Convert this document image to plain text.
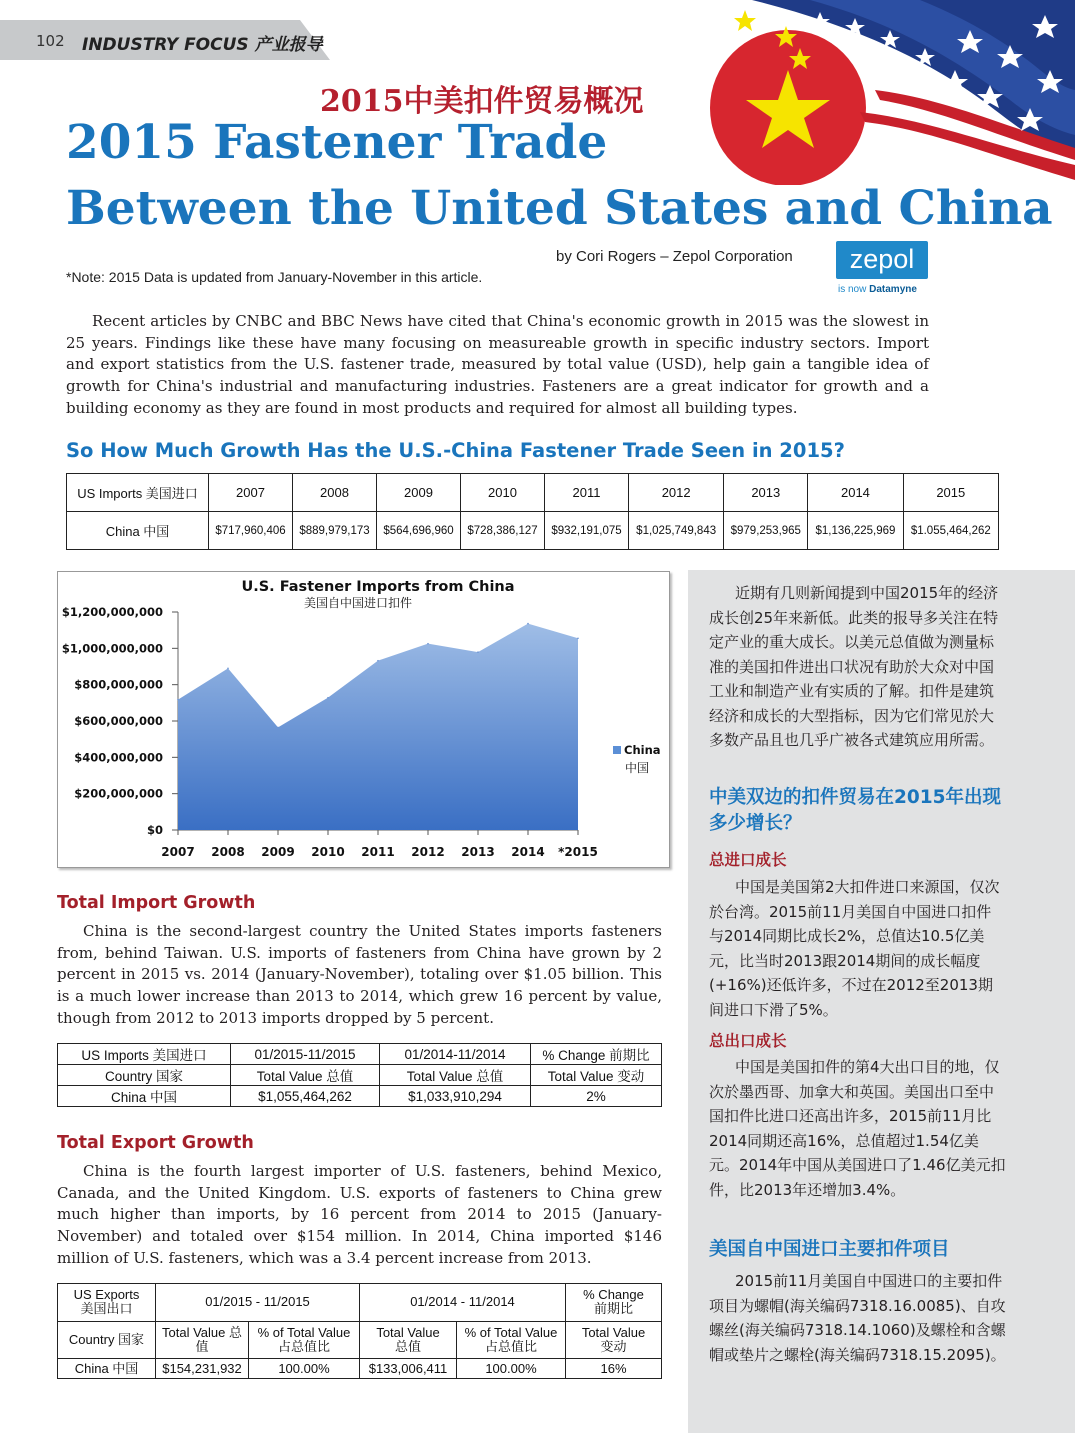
102 INDUSTRY FOCUS 产业报导
2015中美扣件贸易概况
2015 Fastener Trade
Between the United States and China
by Cori Rogers – Zepol Corporation
*Note: 2015 Data is updated from January-November in this article.
zepol
is now Datamyne

Recent articles by CNBC and BBC News have cited that China's economic growth in 2015 was the slowest in 25 years. Findings like these have many focusing on measureable growth in specific industry sectors. Import and export statistics from the U.S. fastener trade, measured by total value (USD), help gain a tangible idea of growth for China's industrial and manufacturing industries. Fasteners are a great indicator for growth and a building economy as they are found in most products and required for almost all building types.

So How Much Growth Has the U.S.-China Fastener Trade Seen in 2015?
US Imports 美国进口	2007	2008	2009	2010	2011	2012	2013	2014	2015
China 中国	$717,960,406	$889,979,173	$564,696,960	$728,386,127	$932,191,075	$1,025,749,843	$979,253,965	$1,136,225,969	$1.055,464,262
U.S. Fastener Imports from China
美国自中国进口扣件
$0
$200,000,000
$400,000,000
$600,000,000
$800,000,000
$1,000,000,000
$1,200,000,000
2007 2008 2009 2010 2011 2012 2013 2014 *2015
China
中国
Total Import Growth

China is the second-largest country the United States imports fasteners from, behind Taiwan. U.S. imports of fasteners from China have grown by 2 percent in 2015 vs. 2014 (January-November), totaling over $1.05 billion. This is a much lower increase than 2013 to 2014, which grew 16 percent by value, though from 2012 to 2013 imports dropped by 5 percent.

US Imports 美国进口	01/2015-11/2015	01/2014-11/2014	% Change 前期比
Country 国家	Total Value 总值	Total Value 总值	Total Value 变动
China 中国	$1,055,464,262	$1,033,910,294	2%
Total Export Growth

China is the fourth largest importer of U.S. fasteners, behind Mexico, Canada, and the United Kingdom. U.S. exports of fasteners to China grew much higher than imports, by 16 percent from 2014 to 2015 (January-November) and totaled over $154 million. In 2014, China imported $146 million of U.S. fasteners, which was a 3.4 percent increase from 2013.

US Exports
美国出口	01/2015 - 11/2015		01/2014 - 11/2014		% Change
前期比
Country 国家	Total Value 总
值	% of Total Value
占总值比	Total Value
总值	% of Total Value
占总值比	Total Value
变动
China 中国	$154,231,932	100.00%	$133,006,411	100.00%	16%

近期有几则新闻提到中国2015年的经济成长创25年来新低。此类的报导多关注在特定产业的重大成长。以美元总值做为测量标准的美国扣件进出口状况有助於大众对中国工业和制造产业有实质的了解。扣件是建筑经济和成长的大型指标，因为它们常见於大多数产品且也几乎广被各式建筑应用所需。

中美双边的扣件贸易在2015年出现多少增长？
总进口成长

中国是美国第2大扣件进口来源国，仅次於台湾。2015前11月美国自中国进口扣件与2014同期比成长2%，总值达10.5亿美元，比当时2013跟2014期间的成长幅度(+16%)还低许多，不过在2012至2013期间进口下滑了5%。

总出口成长

中国是美国扣件的第4大出口目的地，仅次於墨西哥、加拿大和英国。美国出口至中国扣件比进口还高出许多，2015前11月比2014同期还高16%，总值超过1.54亿美元。2014年中国从美国进口了1.46亿美元扣件，比2013年还增加3.4%。

美国自中国进口主要扣件项目

2015前11月美国自中国进口的主要扣件项目为螺帽(海关编码7318.16.0085)、自攻螺丝(海关编码7318.14.1060)及螺栓和含螺帽或垫片之螺栓(海关编码7318.15.2095)。
